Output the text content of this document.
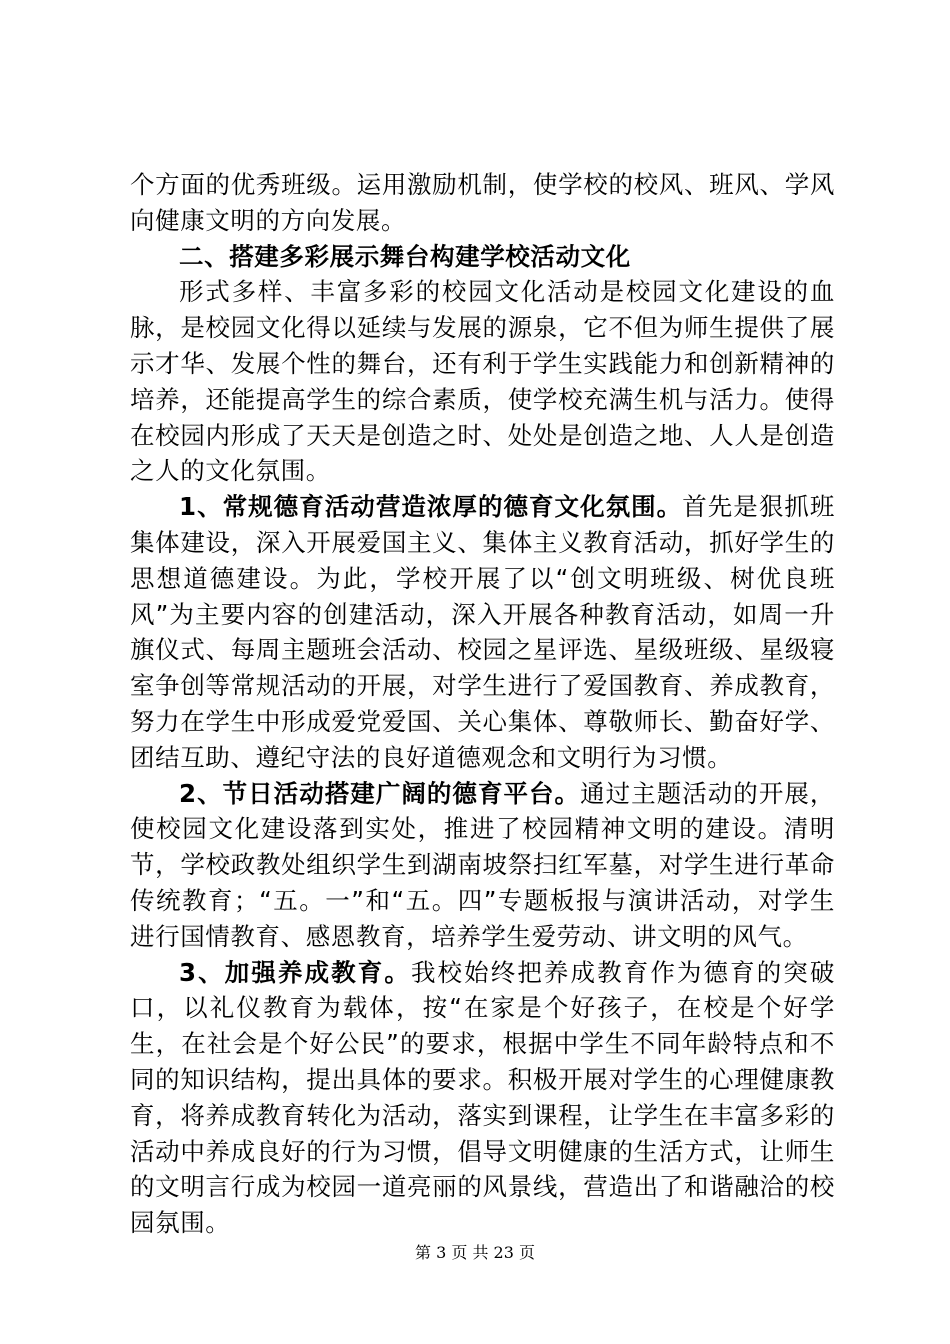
个方面的优秀班级。运用激励机制，使学校的校风、班风、学风向健康文明的方向发展。

二、搭建多彩展示舞台构建学校活动文化

形式多样、丰富多彩的校园文化活动是校园文化建设的血脉，是校园文化得以延续与发展的源泉，它不但为师生提供了展示才华、发展个性的舞台，还有利于学生实践能力和创新精神的培养，还能提高学生的综合素质，使学校充满生机与活力。使得在校园内形成了天天是创造之时、处处是创造之地、人人是创造之人的文化氛围。

1、常规德育活动营造浓厚的德育文化氛围。首先是狠抓班集体建设，深入开展爱国主义、集体主义教育活动，抓好学生的思想道德建设。为此，学校开展了以“创文明班级、树优良班风”为主要内容的创建活动，深入开展各种教育活动，如周一升旗仪式、每周主题班会活动、校园之星评选、星级班级、星级寝室争创等常规活动的开展，对学生进行了爱国教育、养成教育，努力在学生中形成爱党爱国、关心集体、尊敬师长、勤奋好学、团结互助、遵纪守法的良好道德观念和文明行为习惯。

2、节日活动搭建广阔的德育平台。通过主题活动的开展，使校园文化建设落到实处，推进了校园精神文明的建设。清明节，学校政教处组织学生到湖南坡祭扫红军墓，对学生进行革命传统教育；“五。一”和“五。四”专题板报与演讲活动，对学生进行国情教育、感恩教育，培养学生爱劳动、讲文明的风气。

3、加强养成教育。我校始终把养成教育作为德育的突破口，以礼仪教育为载体，按“在家是个好孩子，在校是个好学生，在社会是个好公民”的要求，根据中学生不同年龄特点和不同的知识结构，提出具体的要求。积极开展对学生的心理健康教育，将养成教育转化为活动，落实到课程，让学生在丰富多彩的活动中养成良好的行为习惯，倡导文明健康的生活方式，让师生的文明言行成为校园一道亮丽的风景线，营造出了和谐融洽的校园氛围。

第 3 页 共 23 页
